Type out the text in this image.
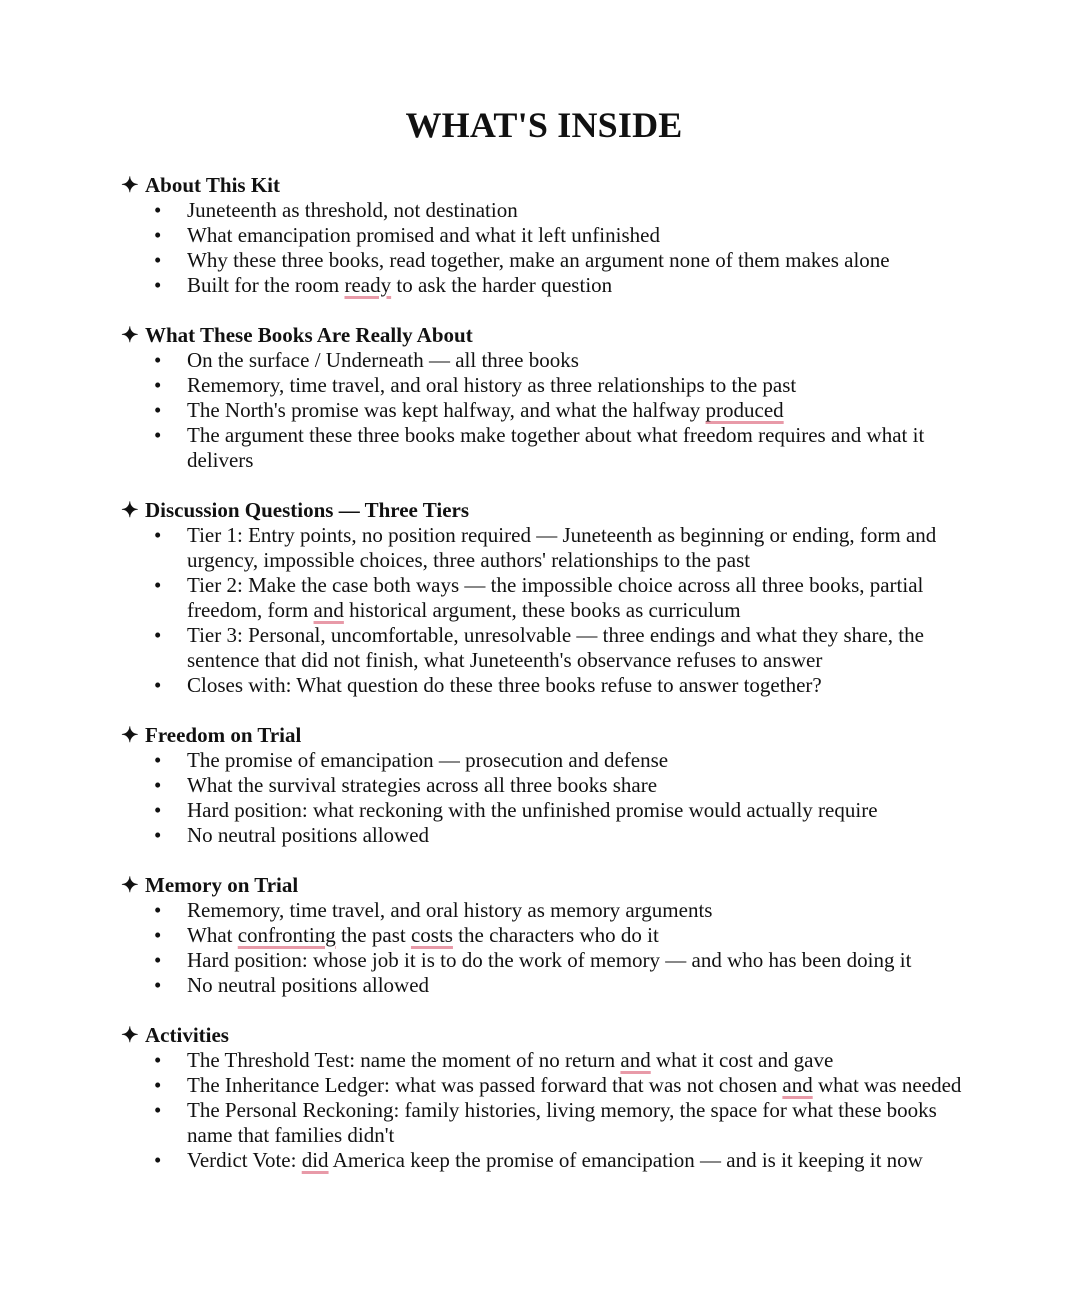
WHAT'S INSIDE
✦ About This Kit
• Juneteenth as threshold, not destination
• What emancipation promised and what it left unfinished
• Why these three books, read together, make an argument none of them makes alone
• Built for the room ready to ask the harder question
✦ What These Books Are Really About
• On the surface / Underneath — all three books
• Rememory, time travel, and oral history as three relationships to the past
• The North's promise was kept halfway, and what the halfway produced
• The argument these three books make together about what freedom requires and what it delivers
✦ Discussion Questions — Three Tiers
• Tier 1: Entry points, no position required — Juneteenth as beginning or ending, form and urgency, impossible choices, three authors' relationships to the past
• Tier 2: Make the case both ways — the impossible choice across all three books, partial freedom, form and historical argument, these books as curriculum
• Tier 3: Personal, uncomfortable, unresolvable — three endings and what they share, the sentence that did not finish, what Juneteenth's observance refuses to answer
• Closes with: What question do these three books refuse to answer together?
✦ Freedom on Trial
• The promise of emancipation — prosecution and defense
• What the survival strategies across all three books share
• Hard position: what reckoning with the unfinished promise would actually require
• No neutral positions allowed
✦ Memory on Trial
• Rememory, time travel, and oral history as memory arguments
• What confronting the past costs the characters who do it
• Hard position: whose job it is to do the work of memory — and who has been doing it
• No neutral positions allowed
✦ Activities
• The Threshold Test: name the moment of no return and what it cost and gave
• The Inheritance Ledger: what was passed forward that was not chosen and what was needed
• The Personal Reckoning: family histories, living memory, the space for what these books name that families didn't
• Verdict Vote: did America keep the promise of emancipation — and is it keeping it now
